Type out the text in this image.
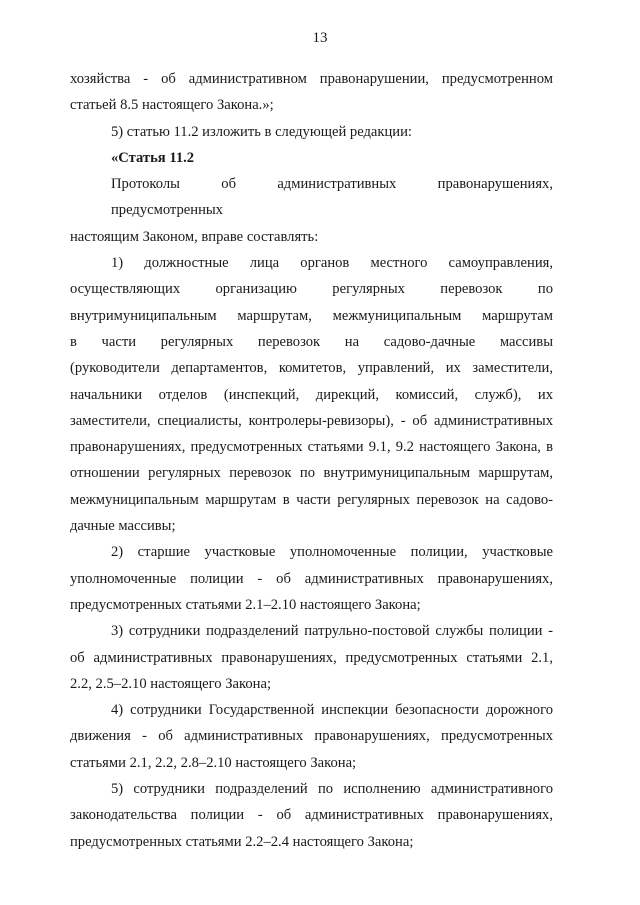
13
хозяйства - об административном правонарушении, предусмотренном
статьей 8.5 настоящего Закона.»;
5) статью 11.2 изложить в следующей редакции:
«Статья 11.2
Протоколы об административных правонарушениях, предусмотренных
настоящим Законом, вправе составлять:
1) должностные лица органов местного самоуправления,
осуществляющих организацию регулярных перевозок по
внутримуниципальным маршрутам, межмуниципальным маршрутам
в части регулярных перевозок на садово-дачные массивы
(руководители департаментов, комитетов, управлений, их заместители,
начальники отделов (инспекций, дирекций, комиссий, служб), их
заместители, специалисты, контролеры-ревизоры), - об административных
правонарушениях, предусмотренных статьями 9.1, 9.2 настоящего Закона, в
отношении регулярных перевозок по внутримуниципальным маршрутам,
межмуниципальным маршрутам в части регулярных перевозок на садово-
дачные массивы;
2) старшие участковые уполномоченные полиции, участковые
уполномоченные полиции - об административных правонарушениях,
предусмотренных статьями 2.1–2.10 настоящего Закона;
3) сотрудники подразделений патрульно-постовой службы полиции -
об административных правонарушениях, предусмотренных статьями 2.1,
2.2, 2.5–2.10 настоящего Закона;
4) сотрудники Государственной инспекции безопасности дорожного
движения - об административных правонарушениях, предусмотренных
статьями 2.1, 2.2, 2.8–2.10 настоящего Закона;
5) сотрудники подразделений по исполнению административного
законодательства полиции - об административных правонарушениях,
предусмотренных статьями 2.2–2.4 настоящего Закона;
